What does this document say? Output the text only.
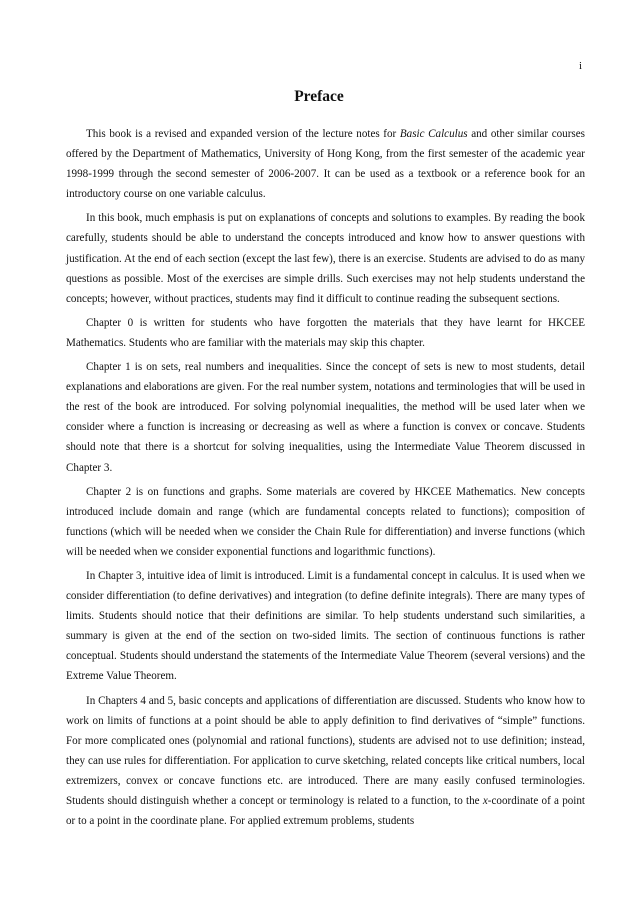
i
Preface

This book is a revised and expanded version of the lecture notes for Basic Calculus and other similar courses offered by the Department of Mathematics, University of Hong Kong, from the first semester of the academic year 1998-1999 through the second semester of 2006-2007. It can be used as a textbook or a reference book for an introductory course on one variable calculus.

In this book, much emphasis is put on explanations of concepts and solutions to examples. By reading the book carefully, students should be able to understand the concepts introduced and know how to answer questions with justification. At the end of each section (except the last few), there is an exercise. Students are advised to do as many questions as possible. Most of the exercises are simple drills. Such exercises may not help students understand the concepts; however, without practices, students may find it difficult to continue reading the subsequent sections.

Chapter 0 is written for students who have forgotten the materials that they have learnt for HKCEE Mathematics. Students who are familiar with the materials may skip this chapter.

Chapter 1 is on sets, real numbers and inequalities. Since the concept of sets is new to most students, detail explanations and elaborations are given. For the real number system, notations and terminologies that will be used in the rest of the book are introduced. For solving polynomial inequalities, the method will be used later when we consider where a function is increasing or decreasing as well as where a function is convex or concave. Students should note that there is a shortcut for solving inequalities, using the Intermediate Value Theorem discussed in Chapter 3.

Chapter 2 is on functions and graphs. Some materials are covered by HKCEE Mathematics. New concepts introduced include domain and range (which are fundamental concepts related to functions); composition of functions (which will be needed when we consider the Chain Rule for differentiation) and inverse functions (which will be needed when we consider exponential functions and logarithmic functions).

In Chapter 3, intuitive idea of limit is introduced. Limit is a fundamental concept in calculus. It is used when we consider differentiation (to define derivatives) and integration (to define definite integrals). There are many types of limits. Students should notice that their definitions are similar. To help students understand such similarities, a summary is given at the end of the section on two-sided limits. The section of continuous functions is rather conceptual. Students should understand the statements of the Intermediate Value Theorem (several versions) and the Extreme Value Theorem.

In Chapters 4 and 5, basic concepts and applications of differentiation are discussed. Students who know how to work on limits of functions at a point should be able to apply definition to find derivatives of “simple” functions. For more complicated ones (polynomial and rational functions), students are advised not to use definition; instead, they can use rules for differentiation. For application to curve sketching, related concepts like critical numbers, local extremizers, convex or concave functions etc. are introduced. There are many easily confused terminologies. Students should distinguish whether a concept or terminology is related to a function, to the x-coordinate of a point or to a point in the coordinate plane. For applied extremum problems, students
